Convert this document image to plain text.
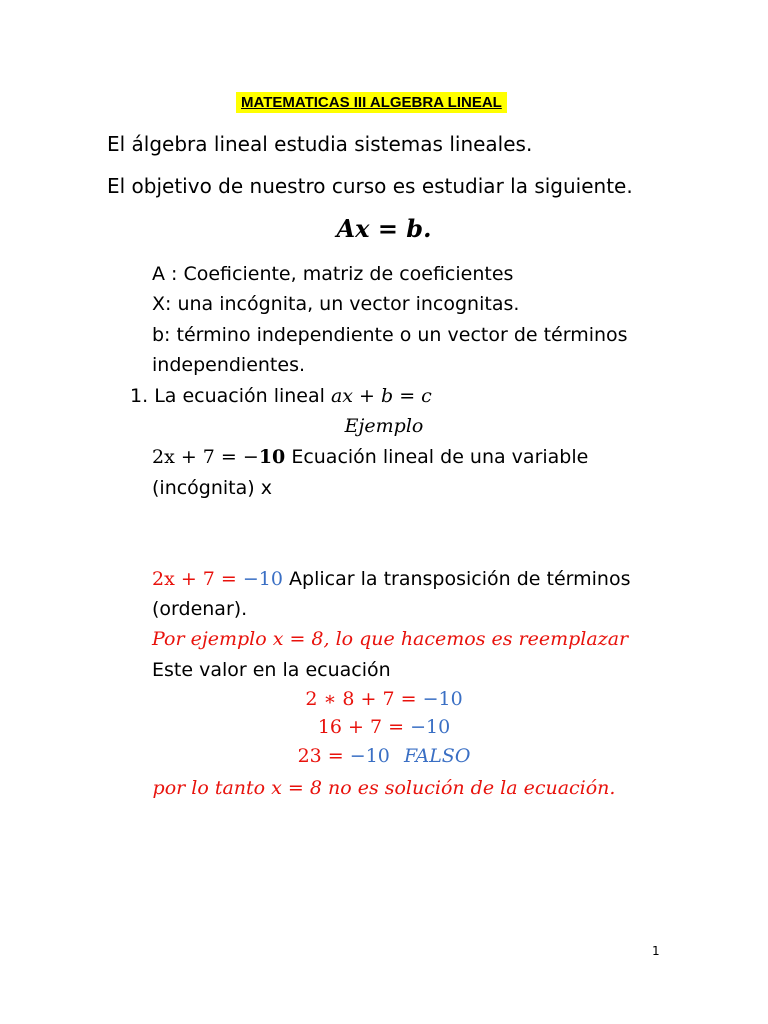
MATEMATICAS III ALGEBRA LINEAL
El álgebra lineal estudia sistemas lineales.
El objetivo de nuestro curso es estudiar la siguiente.
Ax = b.
A : Coeficiente, matriz de coeficientes
X: una incógnita, un vector incognitas.
b: término independiente o un vector de términos
independientes.
1. La ecuación lineal ax + b = c
Ejemplo
2x + 7 = −10 Ecuación lineal de una variable
(incógnita) x
2x + 7 = −10 Aplicar la transposición de términos
(ordenar).
Por ejemplo x = 8, lo que hacemos es reemplazar
Este valor en la ecuación
2 ∗ 8 + 7 = −10
16 + 7 = −10
23 = −10 FALSO
por lo tanto x = 8 no es solución de la ecuación.
1
